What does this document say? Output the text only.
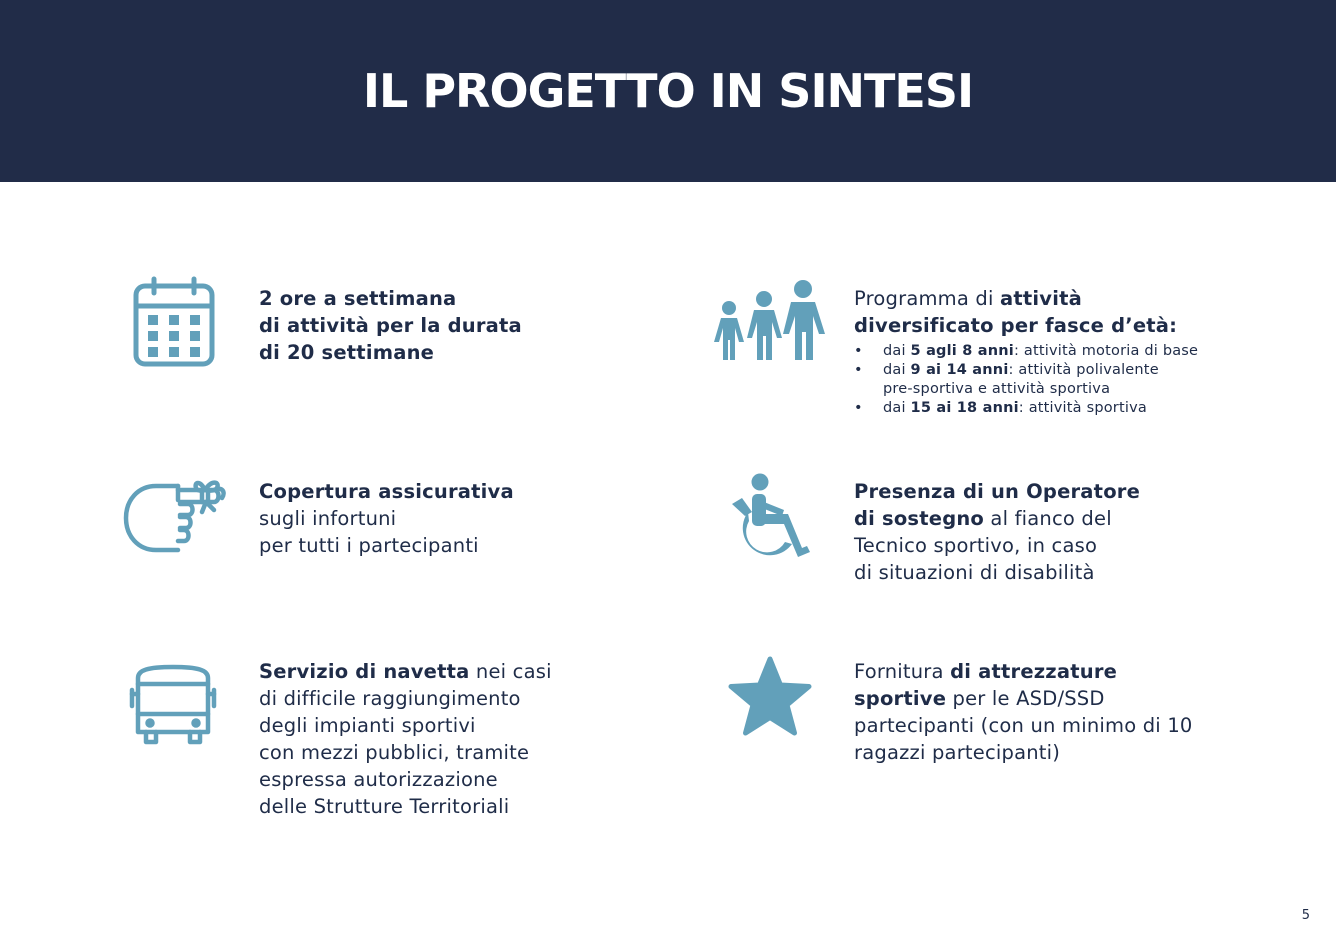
IL PROGETTO IN SINTESI
2 ore a settimana
di attività per la durata
di 20 settimane
Programma di attività
diversificato per fasce d’età:
• dai 5 agli 8 anni: attività motoria di base
• dai 9 ai 14 anni: attività polivalente
pre-sportiva e attività sportiva
• dai 15 ai 18 anni: attività sportiva
Copertura assicurativa
sugli infortuni
per tutti i partecipanti
Presenza di un Operatore
di sostegno al fianco del
Tecnico sportivo, in caso
di situazioni di disabilità
Servizio di navetta nei casi
di difficile raggiungimento
degli impianti sportivi
con mezzi pubblici, tramite
espressa autorizzazione
delle Strutture Territoriali
Fornitura di attrezzature
sportive per le ASD/SSD
partecipanti (con un minimo di 10
ragazzi partecipanti)
5
